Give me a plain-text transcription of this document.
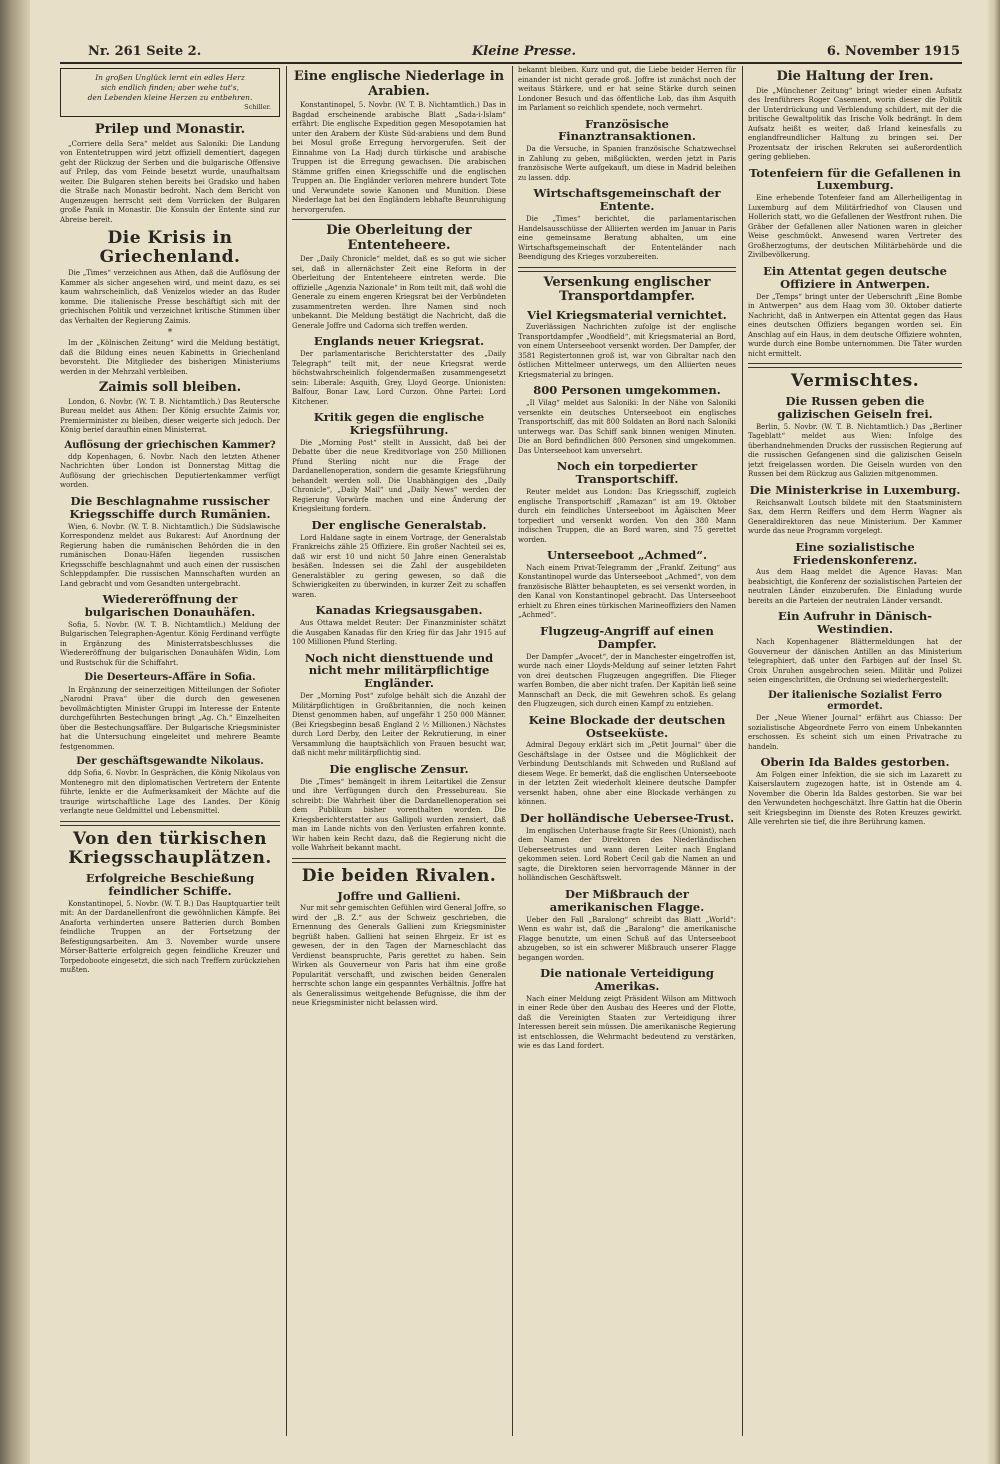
Nr. 261 Seite 2.	Kleine Presse.	6. November 1915
In großen Unglück lernt ein edles Herz
sich endlich finden; aber wehe tut's,
den Lebenden kleine Herzen zu entbehren.
Schiller.
Prilep und Monastir.

„Corriere della Sera“ meldet aus Saloniki: Die Landung von Ententetruppen wird jetzt offiziell dementiert, dagegen geht der Rückzug der Serben und die bulgarische Offensive auf Prilep, das vom Feinde besetzt wurde, unaufhaltsam weiter. Die Bulgaren stehen bereits bei Gradsko und haben die Straße nach Monastir bedroht. Nach dem Bericht von Augenzeugen herrscht seit dem Vorrücken der Bulgaren große Panik in Monastir. Die Konsuln der Entente sind zur Abreise bereit.

Die Krisis in Griechenland.

Die „Times“ verzeichnen aus Athen, daß die Auflösung der Kammer als sicher angesehen wird, und meint dazu, es sei kaum wahrscheinlich, daß Venizelos wieder an das Ruder komme. Die italienische Presse beschäftigt sich mit der griechischen Politik und verzeichnet kritische Stimmen über das Verhalten der Regierung Zaimis.

*

Im der „Kölnischen Zeitung“ wird die Meldung bestätigt, daß die Bildung eines neuen Kabinetts in Griechenland bevorsteht. Die Mitglieder des bisherigen Ministeriums werden in der Mehrzahl verbleiben.

Zaimis soll bleiben.

London, 6. Novbr. (W. T. B. Nichtamtlich.) Das Reutersche Bureau meldet aus Athen: Der König ersuchte Zaimis vor, Premierminister zu bleiben, dieser weigerte sich jedoch. Der König berief daraufhin einen Ministerrat.

Auflösung der griechischen Kammer?

ddp Kopenhagen, 6. Novbr. Nach den letzten Athener Nachrichten über London ist Donnerstag Mittag die Auflösung der griechischen Deputiertenkammer verfügt worden.

Die Beschlagnahme russischer Kriegsschiffe durch Rumänien.

Wien, 6. Novbr. (W. T. B. Nichtamtlich.) Die Südslawische Korrespondenz meldet aus Bukarest: Auf Anordnung der Regierung haben die rumänischen Behörden die in den rumänischen Donau-Häfen liegenden russischen Kriegsschiffe beschlagnahmt und auch einen der russischen Schleppdampfer. Die russischen Mannschaften wurden an Land gebracht und vom Gesandten untergebracht.

Wiedereröffnung der bulgarischen Donauhäfen.

Sofia, 5. Novbr. (W. T. B. Nichtamtlich.) Meldung der Bulgarischen Telegraphen-Agentur. König Ferdinand verfügte in Ergänzung des Ministerratsbeschlusses die Wiedereröffnung der bulgarischen Donauhäfen Widin, Lom und Rustschuk für die Schiffahrt.

Die Deserteurs-Affäre in Sofia.

In Ergänzung der seinerzeitigen Mitteilungen der Sofioter „Narodni Prava“ über die durch den gewesenen bevollmächtigten Minister Gruppi im Interesse der Entente durchgeführten Bestechungen bringt „Ag. Ch.“ Einzelheiten über die Bestechungsaffäre. Der Bulgarische Kriegsminister hat die Untersuchung eingeleitet und mehrere Beamte festgenommen.

Der geschäftsgewandte Nikolaus.

ddp Sofia, 6. Novbr. In Gesprächen, die König Nikolaus von Montenegro mit den diplomatischen Vertretern der Entente führte, lenkte er die Aufmerksamkeit der Mächte auf die traurige wirtschaftliche Lage des Landes. Der König verlangte neue Geldmittel und Lebensmittel.

Von den türkischen Kriegsschauplätzen.
Erfolgreiche Beschießung feindlicher Schiffe.

Konstantinopel, 5. Novbr. (W. T. B.) Das Hauptquartier teilt mit: An der Dardanellenfront die gewöhnlichen Kämpfe. Bei Anaforta verhinderten unsere Batterien durch Bomben feindliche Truppen an der Fortsetzung der Befestigungsarbeiten. Am 3. November wurde unsere Mörser-Batterie erfolgreich gegen feindliche Kreuzer und Torpedoboote eingesetzt, die sich nach Treffern zurückziehen mußten.

Eine englische Niederlage in Arabien.

Konstantinopel, 5. Novbr. (W. T. B. Nichtamtlich.) Das in Bagdad erscheinende arabische Blatt „Sada-i-Islam“ erfährt: Die englische Expedition gegen Mesopotamien hat unter den Arabern der Küste Süd-arabiens und dem Bund bei Mosul große Erregung hervorgerufen. Seit der Einnahme von La Hadj durch türkische und arabische Truppen ist die Erregung gewachsen. Die arabischen Stämme griffen einen Kriegsschiffe und die englischen Truppen an. Die Engländer verloren mehrere hundert Tote und Verwundete sowie Kanonen und Munition. Diese Niederlage hat bei den Engländern lebhafte Beunruhigung hervorgerufen.

Die Oberleitung der Ententeheere.

Der „Daily Chronicle“ meldet, daß es so gut wie sicher sei, daß in allernächster Zeit eine Reform in der Oberleitung der Ententeheere eintreten werde. Die offizielle „Agenzia Nazionale“ in Rom teilt mit, daß wohl die Generale zu einem engeren Kriegsrat bei der Verbündeten zusammentreten werden. Ihre Namen sind noch unbekannt. Die Meldung bestätigt die Nachricht, daß die Generale Joffre und Cadorna sich treffen werden.

Englands neuer Kriegsrat.

Der parlamentarische Berichterstatter des „Daily Telegraph“ teilt mit, der neue Kriegsrat werde höchstwahrscheinlich folgendermaßen zusammengesetzt sein: Liberale: Asquith, Grey, Lloyd George. Unionisten: Balfour, Bonar Law, Lord Curzon. Ohne Partei: Lord Kitchener.

Kritik gegen die englische Kriegsführung.

Die „Morning Post“ stellt in Aussicht, daß bei der Debatte über die neue Kreditvorlage von 250 Millionen Pfund Sterling nicht nur die Frage der Dardanellenoperation, sondern die gesamte Kriegsführung behandelt werden soll. Die Unabhängigen des „Daily Chronicle“, „Daily Mail“ und „Daily News“ werden der Regierung Vorwürfe machen und eine Änderung der Kriegsleitung fordern.

Der englische Generalstab.

Lord Haldane sagte in einem Vortrage, der Generalstab Frankreichs zähle 25 Offiziere. Ein großer Nachteil sei es, daß wir erst 10 und nicht 50 Jahre einen Generalstab besäßen. Indessen sei die Zahl der ausgebildeten Generalstäbler zu gering gewesen, so daß die Schwierigkeiten zu überwinden, in kurzer Zeit zu schaffen waren.

Kanadas Kriegsausgaben.

Aus Ottawa meldet Reuter: Der Finanzminister schätzt die Ausgaben Kanadas für den Krieg für das Jahr 1915 auf 100 Millionen Pfund Sterling.

Noch nicht diensttuende und nicht mehr militärpflichtige Engländer.

Der „Morning Post“ zufolge behält sich die Anzahl der Militärpflichtigen in Großbritannien, die noch keinen Dienst genommen haben, auf ungefähr 1 250 000 Männer. (Bei Kriegsbeginn besaß England 2 ½ Millionen.) Nächstes durch Lord Derby, den Leiter der Rekrutierung, in einer Versammlung die hauptsächlich von Frauen besucht war, daß nicht mehr militärpflichtig sind.

Die englische Zensur.

Die „Times“ bemängelt in ihrem Leitartikel die Zensur und ihre Verfügungen durch den Pressebureau. Sie schreibt: Die Wahrheit über die Dardanellenoperation sei dem Publikum bisher vorenthalten worden. Die Kriegsberichterstatter aus Gallipoli wurden zensiert, daß man im Lande nichts von den Verlusten erfahren konnte. Wir haben kein Recht dazu, daß die Regierung nicht die volle Wahrheit bekannt macht.

Die beiden Rivalen.
Joffre und Gallieni.

Nur mit sehr gemischten Gefühlen wird General Joffre, so wird der „B. Z.“ aus der Schweiz geschrieben, die Ernennung des Generals Gallieni zum Kriegsminister begrüßt haben. Gallieni hat seinen Ehrgeiz. Er ist es gewesen, der in den Tagen der Marneschlacht das Verdienst beanspruchte, Paris gerettet zu haben. Sein Wirken als Gouverneur von Paris hat ihm eine große Popularität verschafft, und zwischen beiden Generalen herrschte schon lange ein gespanntes Verhältnis. Joffre hat als Generalissimus weitgehende Befugnisse, die ihm der neue Kriegsminister nicht belassen wird.

bekannt bleiben. Kurz und gut, die Liebe beider Herren für einander ist nicht gerade groß. Joffre ist zunächst noch der weitaus Stärkere, und er hat seine Stärke durch seinen Londoner Besuch und das öffentliche Lob, das ihm Asquith im Parlament so reichlich spendete, noch vermehrt.

Französische Finanztransaktionen.

Da die Versuche, in Spanien französische Schatzwechsel in Zahlung zu geben, mißglückten, werden jetzt in Paris französische Werte aufgekauft, um diese in Madrid beleihen zu lassen. ddp.

Wirtschaftsgemeinschaft der Entente.

Die „Times“ berichtet, die parlamentarischen Handelsausschüsse der Alliierten werden im Januar in Paris eine gemeinsame Beratung abhalten, um eine Wirtschaftsgemeinschaft der Ententeländer nach Beendigung des Krieges vorzubereiten.

Versenkung englischer Transportdampfer.
Viel Kriegsmaterial vernichtet.

Zuverlässigen Nachrichten zufolge ist der englische Transportdampfer „Woodfield“, mit Kriegsmaterial an Bord, von einem Unterseeboot versenkt worden. Der Dampfer, der 3581 Registertonnen groß ist, war von Gibraltar nach den östlichen Mittelmeer unterwegs, um den Alliierten neues Kriegsmaterial zu bringen.

800 Personen umgekommen.

„Il Vilag“ meldet aus Saloniki: In der Nähe von Saloniki versenkte ein deutsches Unterseeboot ein englisches Transportschiff, das mit 800 Soldaten an Bord nach Saloniki unterwegs war. Das Schiff sank binnen wenigen Minuten. Die an Bord befindlichen 800 Personen sind umgekommen. Das Unterseeboot kam unversehrt.

Noch ein torpedierter Transportschiff.

Reuter meldet aus London: Das Kriegsschiff, zugleich englische Transportschiff „Ramazan“ ist am 19. Oktober durch ein feindliches Unterseeboot im Ägäischen Meer torpediert und versenkt worden. Von den 380 Mann indischen Truppen, die an Bord waren, sind 75 gerettet worden.

Unterseeboot „Achmed“.

Nach einem Privat-Telegramm der „Frankf. Zeitung“ aus Konstantinopel wurde das Unterseeboot „Achmed“, von dem französische Blätter behaupteten, es sei versenkt worden, in den Kanal von Konstantinopel gebracht. Das Unterseeboot erhielt zu Ehren eines türkischen Marineoffiziers den Namen „Achmed“.

Flugzeug-Angriff auf einen Dampfer.

Der Dampfer „Avocet“, der in Manchester eingetroffen ist, wurde nach einer Lloyds-Meldung auf seiner letzten Fahrt von drei deutschen Flugzeugen angegriffen. Die Flieger warfen Bomben, die aber nicht trafen. Der Kapitän ließ seine Mannschaft an Deck, die mit Gewehren schoß. Es gelang den Flugzeugen, sich durch einen Kampf zu entziehen.

Keine Blockade der deutschen Ostseeküste.

Admiral Degouy erklärt sich im „Petit Journal“ über die Geschäftslage in der Ostsee und die Möglichkeit der Verbindung Deutschlands mit Schweden und Rußland auf diesem Wege. Er bemerkt, daß die englischen Unterseeboote in der letzten Zeit wiederholt kleinere deutsche Dampfer versenkt haben, ohne aber eine Blockade verhängen zu können.

Der holländische Uebersee-Trust.

Im englischen Unterhause fragte Sir Rees (Unionist), nach dem Namen der Direktoren des Niederländischen Ueberseetrustes und wann deren Leiter nach England gekommen seien. Lord Robert Cecil gab die Namen an und sagte, die Direktoren seien hervorragende Männer in der holländischen Geschäftswelt.

Der Mißbrauch der amerikanischen Flagge.

Ueber den Fall „Baralong“ schreibt das Blatt „World“: Wenn es wahr ist, daß die „Baralong“ die amerikanische Flagge benutzte, um einen Schuß auf das Unterseeboot abzugeben, so ist ein schwerer Mißbrauch unserer Flagge begangen worden.

Die nationale Verteidigung Amerikas.

Nach einer Meldung zeigt Präsident Wilson am Mittwoch in einer Rede über den Ausbau des Heeres und der Flotte, daß die Vereinigten Staaten zur Verteidigung ihrer Interessen bereit sein müssen. Die amerikanische Regierung ist entschlossen, die Wehrmacht bedeutend zu verstärken, wie es das Land fordert.

Die Haltung der Iren.

Die „Münchener Zeitung“ bringt wieder einen Aufsatz des Irenführers Roger Casement, worin dieser die Politik der Unterdrückung und Verblendung schildert, mit der die britische Gewaltpolitik das Irische Volk bedrängt. In dem Aufsatz heißt es weiter, daß Irland keinesfalls zu englandfreundlicher Haltung zu bringen sei. Der Prozentsatz der irischen Rekruten sei außerordentlich gering geblieben.

Totenfeiern für die Gefallenen in Luxemburg.

Eine erhebende Totenfeier fand am Allerheiligentag in Luxemburg auf dem Militärfriedhof von Clausen und Hollerich statt, wo die Gefallenen der Westfront ruhen. Die Gräber der Gefallenen aller Nationen waren in gleicher Weise geschmückt. Anwesend waren Vertreter des Großherzogtums, der deutschen Militärbehörde und die Zivilbevölkerung.

Ein Attentat gegen deutsche Offiziere in Antwerpen.

Der „Temps“ bringt unter der Ueberschrift „Eine Bombe in Antwerpen“ aus dem Haag vom 30. Oktober datierte Nachricht, daß in Antwerpen ein Attentat gegen das Haus eines deutschen Offiziers begangen worden sei. Ein Anschlag auf ein Haus, in dem deutsche Offiziere wohnten, wurde durch eine Bombe unternommen. Die Täter wurden nicht ermittelt.

Vermischtes.
Die Russen geben die galizischen Geiseln frei.

Berlin, 5. Novbr. (W. T. B. Nichtamtlich.) Das „Berliner Tageblatt“ meldet aus Wien: Infolge des überhandnehmenden Drucks der russischen Regierung auf die russischen Gefangenen sind die galizischen Geiseln jetzt freigelassen worden. Die Geiseln wurden von den Russen bei dem Rückzug aus Galizien mitgenommen.

Die Ministerkrise in Luxemburg.

Reichsanwalt Loutsch bildete mit den Staatsministern Sax, dem Herrn Reiffers und dem Herrn Wagner als Generaldirektoren das neue Ministerium. Der Kammer wurde das neue Programm vorgelegt.

Eine sozialistische Friedenskonferenz.

Aus dem Haag meldet die Agence Havas: Man beabsichtigt, die Konferenz der sozialistischen Parteien der neutralen Länder einzuberufen. Die Einladung wurde bereits an die Parteien der neutralen Länder versandt.

Ein Aufruhr in Dänisch-Westindien.

Nach Kopenhagener Blättermeldungen hat der Gouverneur der dänischen Antillen an das Ministerium telegraphiert, daß unter den Farbigen auf der Insel St. Croix Unruhen ausgebrochen seien. Militär und Polizei seien eingeschritten, die Ordnung sei wiederhergestellt.

Der italienische Sozialist Ferro ermordet.

Der „Neue Wiener Journal“ erfährt aus Chiasso: Der sozialistische Abgeordnete Ferro von einem Unbekannten erschossen. Es scheint sich um einen Privatrache zu handeln.

Oberin Ida Baldes gestorben.

Am Folgen einer Infektion, die sie sich im Lazarett zu Kaiserslautern zugezogen hatte, ist in Ostende am 4. November die Oberin Ida Baldes gestorben. Sie war bei den Verwundeten hochgeschätzt. Ihre Gattin hat die Oberin seit Kriegsbeginn im Dienste des Roten Kreuzes gewirkt. Alle verehrten sie tief, die ihre Berührung kamen.
